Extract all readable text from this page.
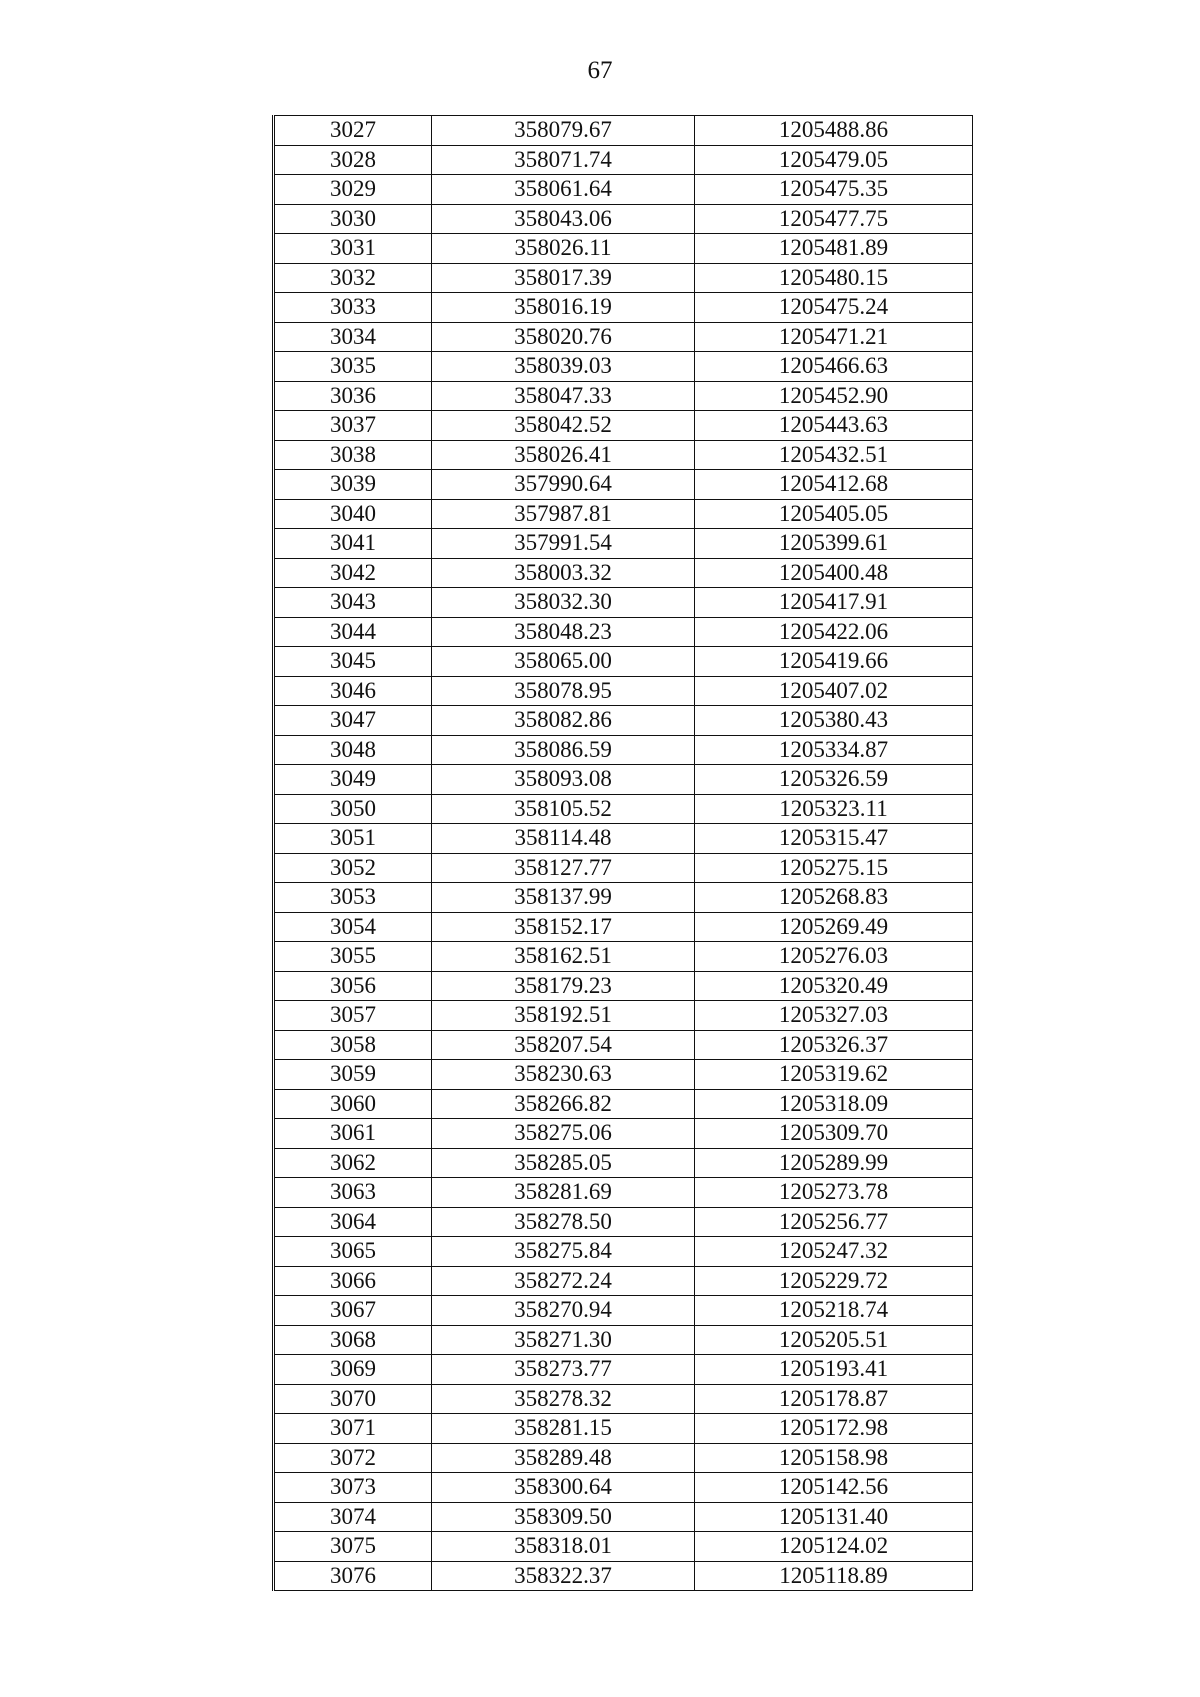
67
3027	358079.67	1205488.86
3028	358071.74	1205479.05
3029	358061.64	1205475.35
3030	358043.06	1205477.75
3031	358026.11	1205481.89
3032	358017.39	1205480.15
3033	358016.19	1205475.24
3034	358020.76	1205471.21
3035	358039.03	1205466.63
3036	358047.33	1205452.90
3037	358042.52	1205443.63
3038	358026.41	1205432.51
3039	357990.64	1205412.68
3040	357987.81	1205405.05
3041	357991.54	1205399.61
3042	358003.32	1205400.48
3043	358032.30	1205417.91
3044	358048.23	1205422.06
3045	358065.00	1205419.66
3046	358078.95	1205407.02
3047	358082.86	1205380.43
3048	358086.59	1205334.87
3049	358093.08	1205326.59
3050	358105.52	1205323.11
3051	358114.48	1205315.47
3052	358127.77	1205275.15
3053	358137.99	1205268.83
3054	358152.17	1205269.49
3055	358162.51	1205276.03
3056	358179.23	1205320.49
3057	358192.51	1205327.03
3058	358207.54	1205326.37
3059	358230.63	1205319.62
3060	358266.82	1205318.09
3061	358275.06	1205309.70
3062	358285.05	1205289.99
3063	358281.69	1205273.78
3064	358278.50	1205256.77
3065	358275.84	1205247.32
3066	358272.24	1205229.72
3067	358270.94	1205218.74
3068	358271.30	1205205.51
3069	358273.77	1205193.41
3070	358278.32	1205178.87
3071	358281.15	1205172.98
3072	358289.48	1205158.98
3073	358300.64	1205142.56
3074	358309.50	1205131.40
3075	358318.01	1205124.02
3076	358322.37	1205118.89
